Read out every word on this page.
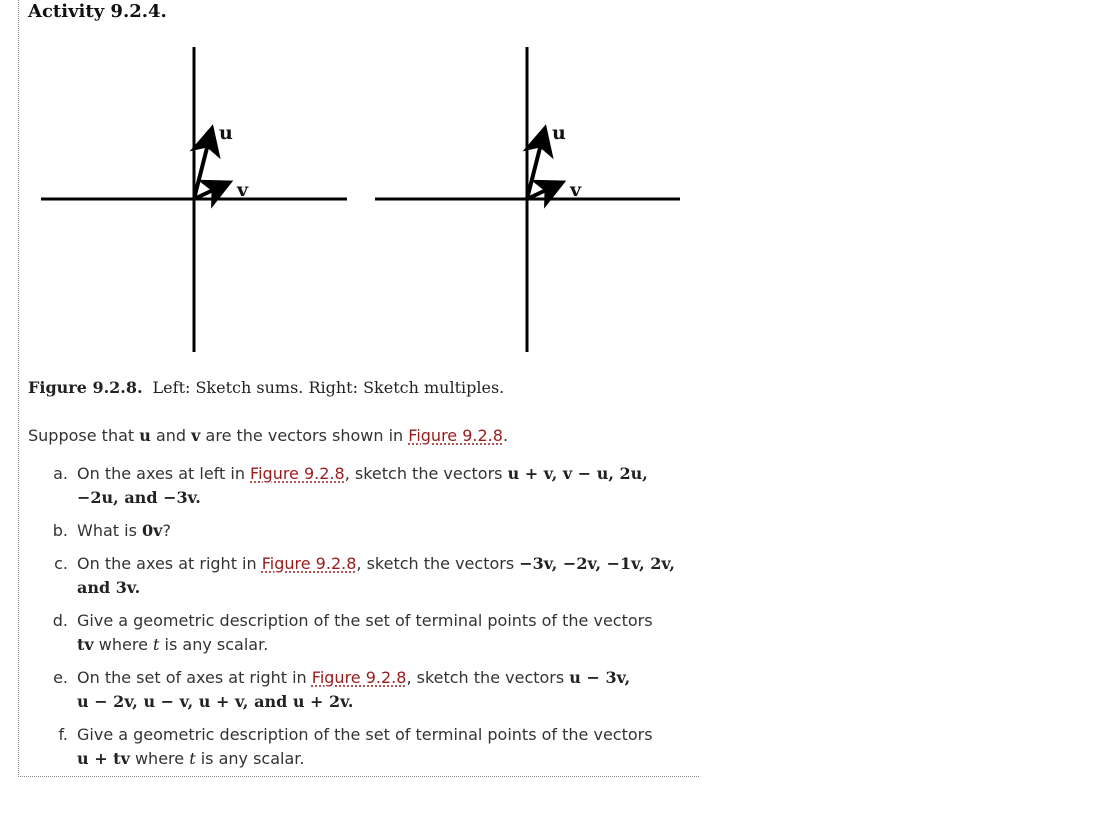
Activity 9.2.4.
u
v
u
v
Figure 9.2.8. Left: Sketch sums. Right: Sketch multiples.
Suppose that u and v are the vectors shown in Figure 9.2.8.
a. On the axes at left in Figure 9.2.8, sketch the vectors u + v, v − u, 2u,
−2u, and −3v.
b. What is 0v?
c. On the axes at right in Figure 9.2.8, sketch the vectors −3v, −2v, −1v, 2v,
and 3v.
d. Give a geometric description of the set of terminal points of the vectors
tv where t is any scalar.
e. On the set of axes at right in Figure 9.2.8, sketch the vectors u − 3v,
u − 2v, u − v, u + v, and u + 2v.
f. Give a geometric description of the set of terminal points of the vectors
u + tv where t is any scalar.
